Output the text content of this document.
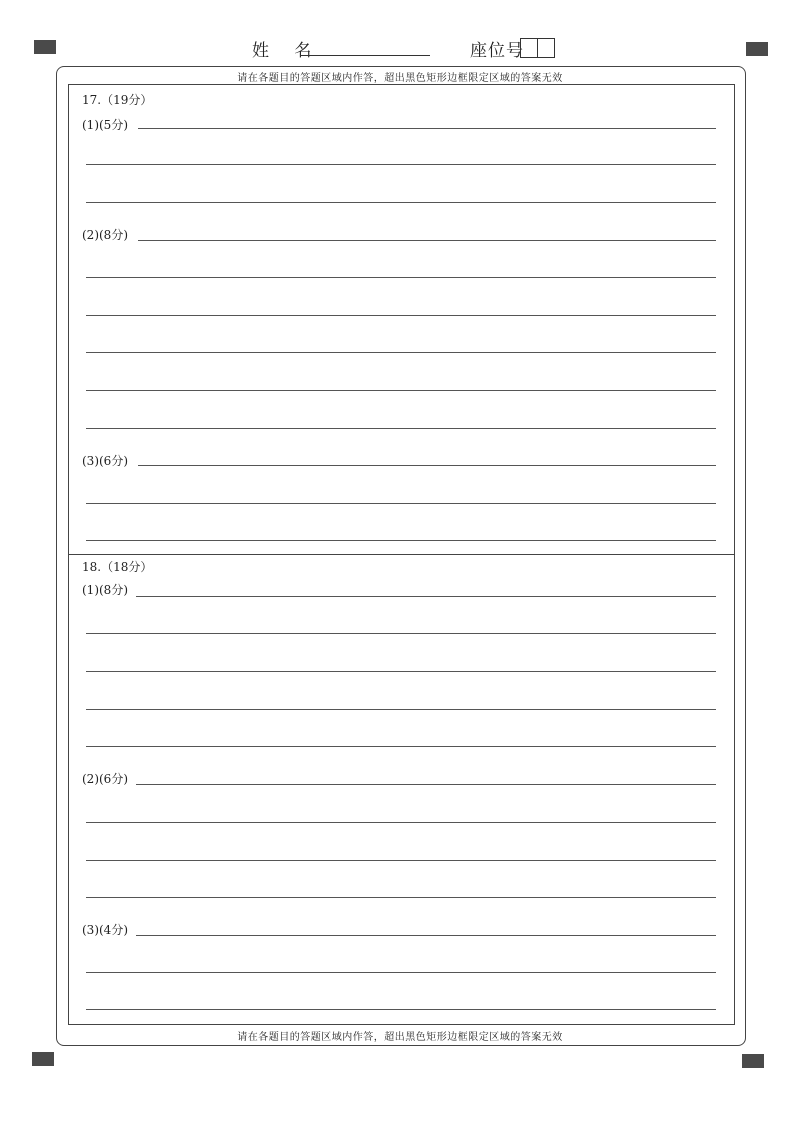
姓 名	座位号
请在各题目的答题区域内作答，超出黑色矩形边框限定区域的答案无效
17.（19分）
(1)(5分)
(2)(8分)
(3)(6分)
18.（18分）
(1)(8分)
(2)(6分)
(3)(4分)
请在各题目的答题区域内作答，超出黑色矩形边框限定区域的答案无效
